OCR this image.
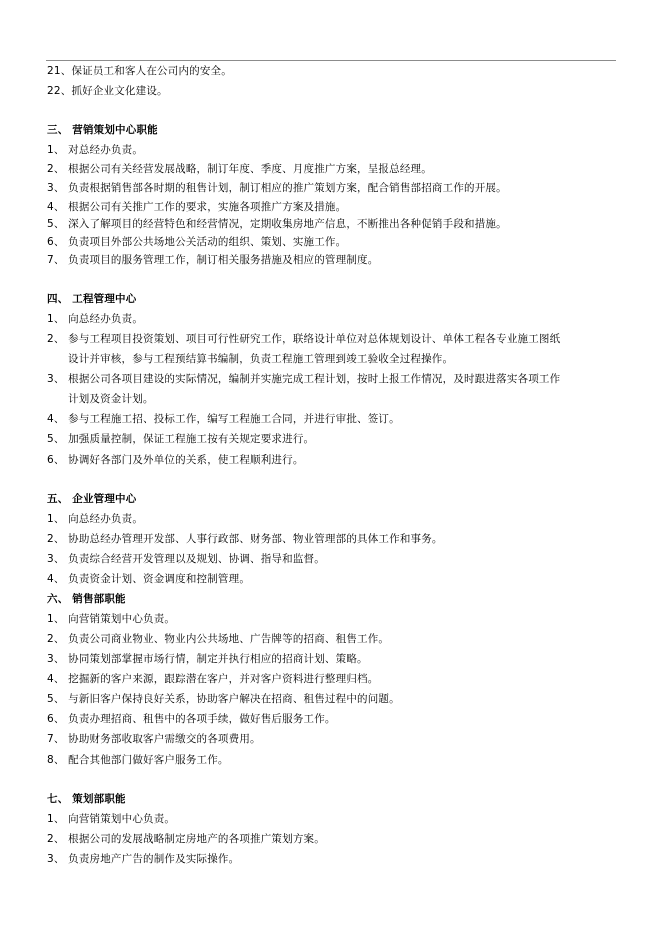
21、保证员工和客人在公司内的安全。
22、抓好企业文化建设。
三、 营销策划中心职能
1、 对总经办负责。
2、 根据公司有关经营发展战略，制订年度、季度、月度推广方案，呈报总经理。
3、 负责根据销售部各时期的租售计划，制订相应的推广策划方案，配合销售部招商工作的开展。
4、 根据公司有关推广工作的要求，实施各项推广方案及措施。
5、 深入了解项目的经营特色和经营情况，定期收集房地产信息，不断推出各种促销手段和措施。
6、 负责项目外部公共场地公关活动的组织、策划、实施工作。
7、 负责项目的服务管理工作，制订相关服务措施及相应的管理制度。
四、 工程管理中心
1、 向总经办负责。
2、 参与工程项目投资策划、项目可行性研究工作，联络设计单位对总体规划设计、单体工程各专业施工图纸
设计并审核，参与工程预结算书编制，负责工程施工管理到竣工验收全过程操作。
3、 根据公司各项目建设的实际情况，编制并实施完成工程计划，按时上报工作情况，及时跟进落实各项工作
计划及资金计划。
4、 参与工程施工招、投标工作，编写工程施工合同，并进行审批、签订。
5、 加强质量控制，保证工程施工按有关规定要求进行。
6、 协调好各部门及外单位的关系，使工程顺利进行。
五、 企业管理中心
1、 向总经办负责。
2、 协助总经办管理开发部、人事行政部、财务部、物业管理部的具体工作和事务。
3、 负责综合经营开发管理以及规划、协调、指导和监督。
4、 负责资金计划、资金调度和控制管理。
六、 销售部职能
1、 向营销策划中心负责。
2、 负责公司商业物业、物业内公共场地、广告牌等的招商、租售工作。
3、 协同策划部掌握市场行情，制定并执行相应的招商计划、策略。
4、 挖掘新的客户来源，跟踪潜在客户，并对客户资料进行整理归档。
5、 与新旧客户保持良好关系，协助客户解决在招商、租售过程中的问题。
6、 负责办理招商、租售中的各项手续，做好售后服务工作。
7、 协助财务部收取客户需缴交的各项费用。
8、 配合其他部门做好客户服务工作。
七、 策划部职能
1、 向营销策划中心负责。
2、 根据公司的发展战略制定房地产的各项推广策划方案。
3、 负责房地产广告的制作及实际操作。
